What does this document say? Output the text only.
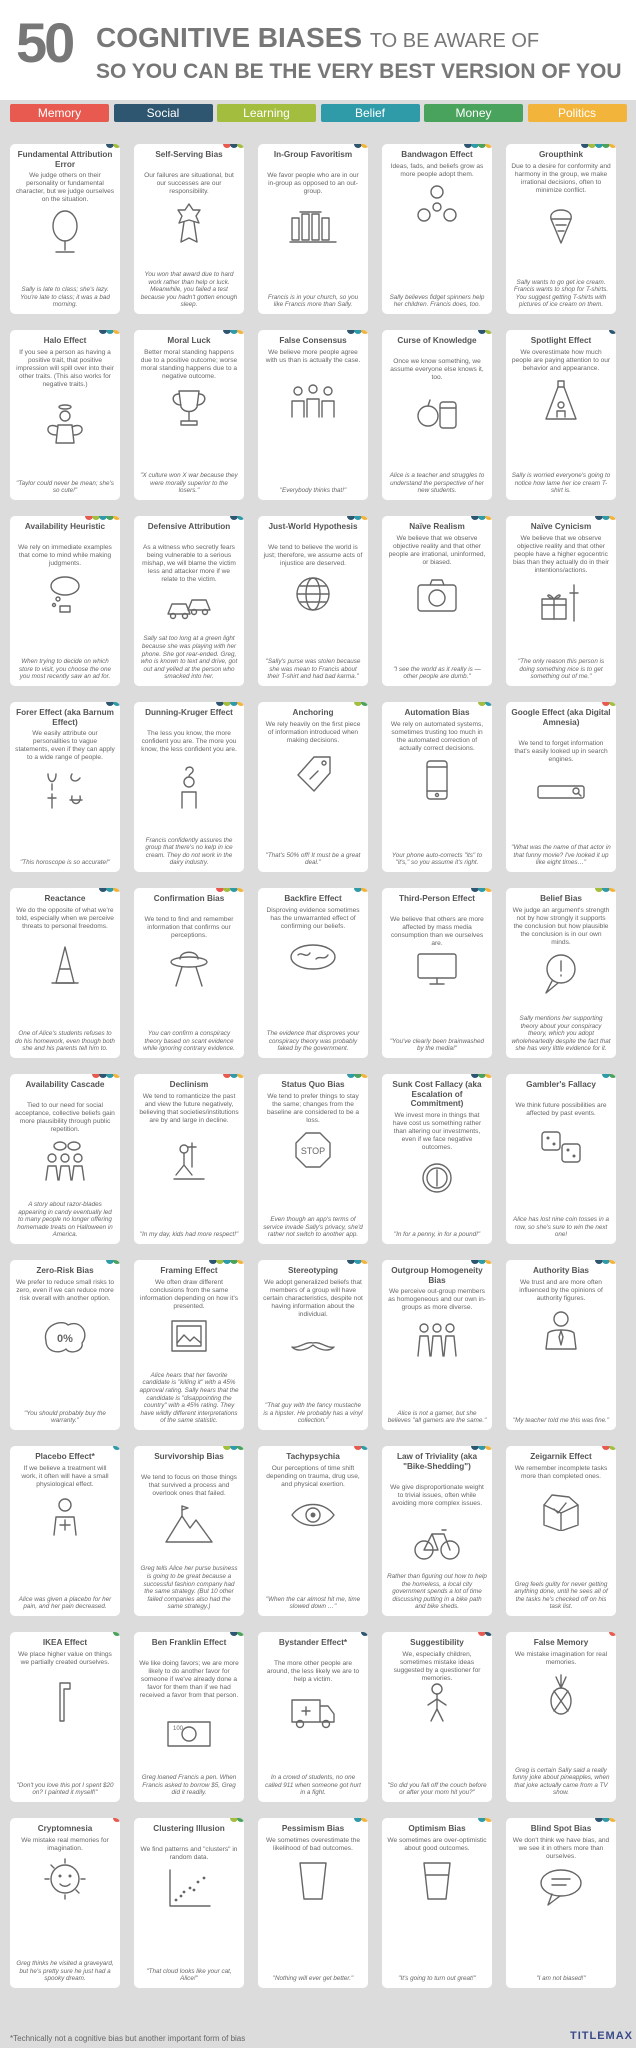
50 COGNITIVE BIASES TO BE AWARE OF
SO YOU CAN BE THE VERY BEST VERSION OF YOU
Memory	Social	Learning	Belief	Money	Politics
Fundamental Attribution Error
We judge others on their personality or fundamental character, but we judge ourselves on the situation.
Sally is late to class; she's lazy. You're late to class; it was a bad morning.
Self-Serving Bias
Our failures are situational, but our successes are our responsibility.
You won that award due to hard work rather than help or luck. Meanwhile, you failed a test because you hadn't gotten enough sleep.
In-Group Favoritism
We favor people who are in our in-group as opposed to an out-group.
Francis is in your church, so you like Francis more than Sally.
Bandwagon Effect
Ideas, fads, and beliefs grow as more people adopt them.
Sally believes fidget spinners help her children. Francis does, too.
Groupthink
Due to a desire for conformity and harmony in the group, we make irrational decisions, often to minimize conflict.
Sally wants to go get ice cream. Francis wants to shop for T-shirts. You suggest getting T-shirts with pictures of ice cream on them.
Halo Effect
If you see a person as having a positive trait, that positive impression will spill over into their other traits. (This also works for negative traits.)
"Taylor could never be mean; she's so cute!"
Moral Luck
Better moral standing happens due to a positive outcome; worse moral standing happens due to a negative outcome.
"X culture won X war because they were morally superior to the losers."
False Consensus
We believe more people agree with us than is actually the case.
"Everybody thinks that!"
Curse of Knowledge
Once we know something, we assume everyone else knows it, too.
Alice is a teacher and struggles to understand the perspective of her new students.
Spotlight Effect
We overestimate how much people are paying attention to our behavior and appearance.
Sally is worried everyone's going to notice how lame her ice cream T-shirt is.
Availability Heuristic
We rely on immediate examples that come to mind while making judgments.
When trying to decide on which store to visit, you choose the one you most recently saw an ad for.
Defensive Attribution
As a witness who secretly fears being vulnerable to a serious mishap, we will blame the victim less and attacker more if we relate to the victim.
Sally sat too long at a green light because she was playing with her phone. She got rear-ended. Greg, who is known to text and drive, got out and yelled at the person who smacked into her.
Just-World Hypothesis
We tend to believe the world is just; therefore, we assume acts of injustice are deserved.
"Sally's purse was stolen because she was mean to Francis about their T-shirt and had bad karma."
Naïve Realism
We believe that we observe objective reality and that other people are irrational, uninformed, or biased.
"I see the world as it really is — other people are dumb."
Naïve Cynicism
We believe that we observe objective reality and that other people have a higher egocentric bias than they actually do in their intentions/actions.
"The only reason this person is doing something nice is to get something out of me."
Forer Effect (aka Barnum Effect)
We easily attribute our personalities to vague statements, even if they can apply to a wide range of people.
"This horoscope is so accurate!"
Dunning-Kruger Effect
The less you know, the more confident you are. The more you know, the less confident you are.
Francis confidently assures the group that there's no kelp in ice cream. They do not work in the dairy industry.
Anchoring
We rely heavily on the first piece of information introduced when making decisions.
"That's 50% off! It must be a great deal."
Automation Bias
We rely on automated systems, sometimes trusting too much in the automated correction of actually correct decisions.
Your phone auto-corrects "its" to "it's," so you assume it's right.
Google Effect (aka Digital Amnesia)
We tend to forget information that's easily looked up in search engines.
"What was the name of that actor in that funny movie? I've looked it up like eight times…"
Reactance
We do the opposite of what we're told, especially when we perceive threats to personal freedoms.
One of Alice's students refuses to do his homework, even though both she and his parents tell him to.
Confirmation Bias
We tend to find and remember information that confirms our perceptions.
You can confirm a conspiracy theory based on scant evidence while ignoring contrary evidence.
Backfire Effect
Disproving evidence sometimes has the unwarranted effect of confirming our beliefs.
The evidence that disproves your conspiracy theory was probably faked by the government.
Third-Person Effect
We believe that others are more affected by mass media consumption than we ourselves are.
"You've clearly been brainwashed by the media!"
Belief Bias
We judge an argument's strength not by how strongly it supports the conclusion but how plausible the conclusion is in our own minds.
Sally mentions her supporting theory about your conspiracy theory, which you adopt wholeheartedly despite the fact that she has very little evidence for it.
Availability Cascade
Tied to our need for social acceptance, collective beliefs gain more plausibility through public repetition.
A story about razor-blades appearing in candy eventually led to many people no longer offering homemade treats on Halloween in America.
Declinism
We tend to romanticize the past and view the future negatively, believing that societies/institutions are by and large in decline.
"In my day, kids had more respect!"
Status Quo Bias
We tend to prefer things to stay the same; changes from the baseline are considered to be a loss.
STOP
Even though an app's terms of service invade Sally's privacy, she'd rather not switch to another app.
Sunk Cost Fallacy (aka Escalation of Commitment)
We invest more in things that have cost us something rather than altering our investments, even if we face negative outcomes.
"In for a penny, in for a pound!"
Gambler's Fallacy
We think future possibilities are affected by past events.
Alice has lost nine coin tosses in a row, so she's sure to win the next one!
Zero-Risk Bias
We prefer to reduce small risks to zero, even if we can reduce more risk overall with another option.
0%
"You should probably buy the warranty."
Framing Effect
We often draw different conclusions from the same information depending on how it's presented.
Alice hears that her favorite candidate is "killing it" with a 45% approval rating. Sally hears that the candidate is "disappointing the country" with a 45% rating. They have wildly different interpretations of the same statistic.
Stereotyping
We adopt generalized beliefs that members of a group will have certain characteristics, despite not having information about the individual.
"That guy with the fancy mustache is a hipster. He probably has a vinyl collection."
Outgroup Homogeneity Bias
We perceive out-group members as homogeneous and our own in-groups as more diverse.
Alice is not a gamer, but she believes "all gamers are the same."
Authority Bias
We trust and are more often influenced by the opinions of authority figures.
"My teacher told me this was fine."
Placebo Effect*
If we believe a treatment will work, it often will have a small physiological effect.
Alice was given a placebo for her pain, and her pain decreased.
Survivorship Bias
We tend to focus on those things that survived a process and overlook ones that failed.
Greg tells Alice her purse business is going to be great because a successful fashion company had the same strategy. (But 10 other failed companies also had the same strategy.)
Tachypsychia
Our perceptions of time shift depending on trauma, drug use, and physical exertion.
"When the car almost hit me, time slowed down …"
Law of Triviality (aka "Bike-Shedding")
We give disproportionate weight to trivial issues, often while avoiding more complex issues.
Rather than figuring out how to help the homeless, a local city government spends a lot of time discussing putting in a bike path and bike sheds.
Zeigarnik Effect
We remember incomplete tasks more than completed ones.
Greg feels guilty for never getting anything done, until he sees all of the tasks he's checked off on his task list.
IKEA Effect
We place higher value on things we partially created ourselves.
"Don't you love this pot I spent $20 on? I painted it myself!"
Ben Franklin Effect
We like doing favors; we are more likely to do another favor for someone if we've already done a favor for them than if we had received a favor from that person.
100
Greg loaned Francis a pen. When Francis asked to borrow $5, Greg did it readily.
Bystander Effect*
The more other people are around, the less likely we are to help a victim.
In a crowd of students, no one called 911 when someone got hurt in a fight.
Suggestibility
We, especially children, sometimes mistake ideas suggested by a questioner for memories.
"So did you fall off the couch before or after your mom hit you?"
False Memory
We mistake imagination for real memories.
Greg is certain Sally said a really funny joke about pineapples, when that joke actually came from a TV show.
Cryptomnesia
We mistake real memories for imagination.
Greg thinks he visited a graveyard, but he's pretty sure he just had a spooky dream.
Clustering Illusion
We find patterns and "clusters" in random data.
"That cloud looks like your cat, Alice!"
Pessimism Bias
We sometimes overestimate the likelihood of bad outcomes.
"Nothing will ever get better."
Optimism Bias
We sometimes are over-optimistic about good outcomes.
"It's going to turn out great!"
Blind Spot Bias
We don't think we have bias, and we see it in others more than ourselves.
"I am not biased!"
*Technically not a cognitive bias but another important form of bias	TITLEMAX
